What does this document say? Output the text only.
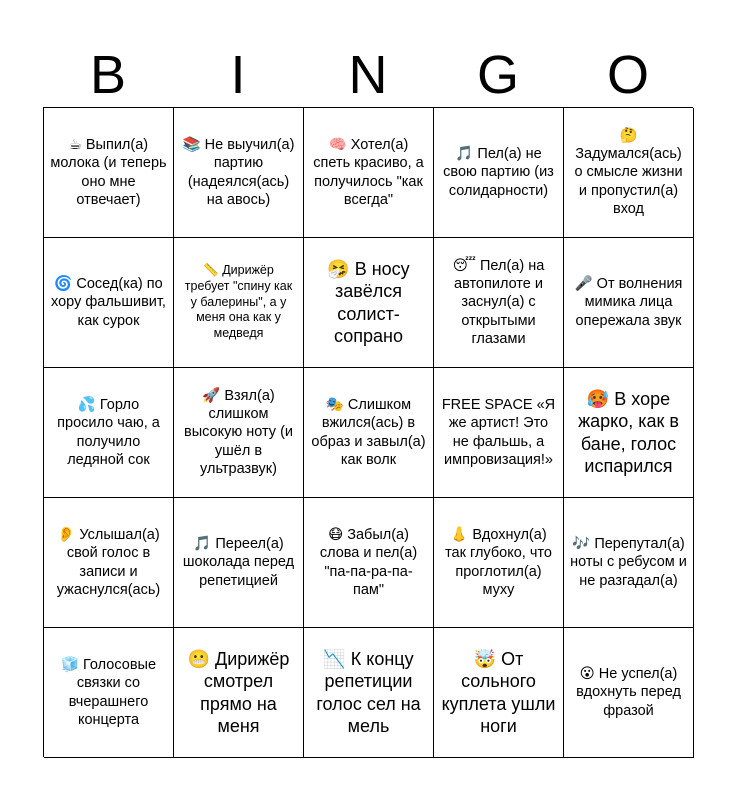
B	I	N	G	O
☕ Выпил(а) молока (и теперь оно мне отвечает)
📚 Не выучил(а) партию (надеялся(ась) на авось)
🧠 Хотел(а) спеть красиво, а получилось "как всегда"
🎵 Пел(а) не свою партию (из солидарности)
🤔 Задумался(ась) о смысле жизни и пропустил(а) вход
🌀 Сосед(ка) по хору фальшивит, как сурок
📏 Дирижёр требует "спину как у балерины", а у меня она как у медведя
🤧 В носу завёлся солист-сопрано
😴 Пел(а) на автопилоте и заснул(а) с открытыми глазами
🎤 От волнения мимика лица опережала звук
💦 Горло просило чаю, а получило ледяной сок
🚀 Взял(а) слишком высокую ноту (и ушёл в ультразвук)
🎭 Слишком вжился(ась) в образ и завыл(а) как волк
FREE SPACE «Я же артист! Это не фальшь, а импровизация!»
🥵 В хоре жарко, как в бане, голос испарился
👂 Услышал(а) свой голос в записи и ужаснулся(ась)
🎵 Переел(а) шоколада перед репетицией
😷 Забыл(а) слова и пел(а) "па-па-ра-па-пам"
👃 Вдохнул(а) так глубоко, что проглотил(а) муху
🎶 Перепутал(а) ноты с ребусом и не разгадал(а)
🧊 Голосовые связки со вчерашнего концерта
😬 Дирижёр смотрел прямо на меня
📉 К концу репетиции голос сел на мель
🤯 От сольного куплета ушли ноги
😮 Не успел(а) вдохнуть перед фразой
